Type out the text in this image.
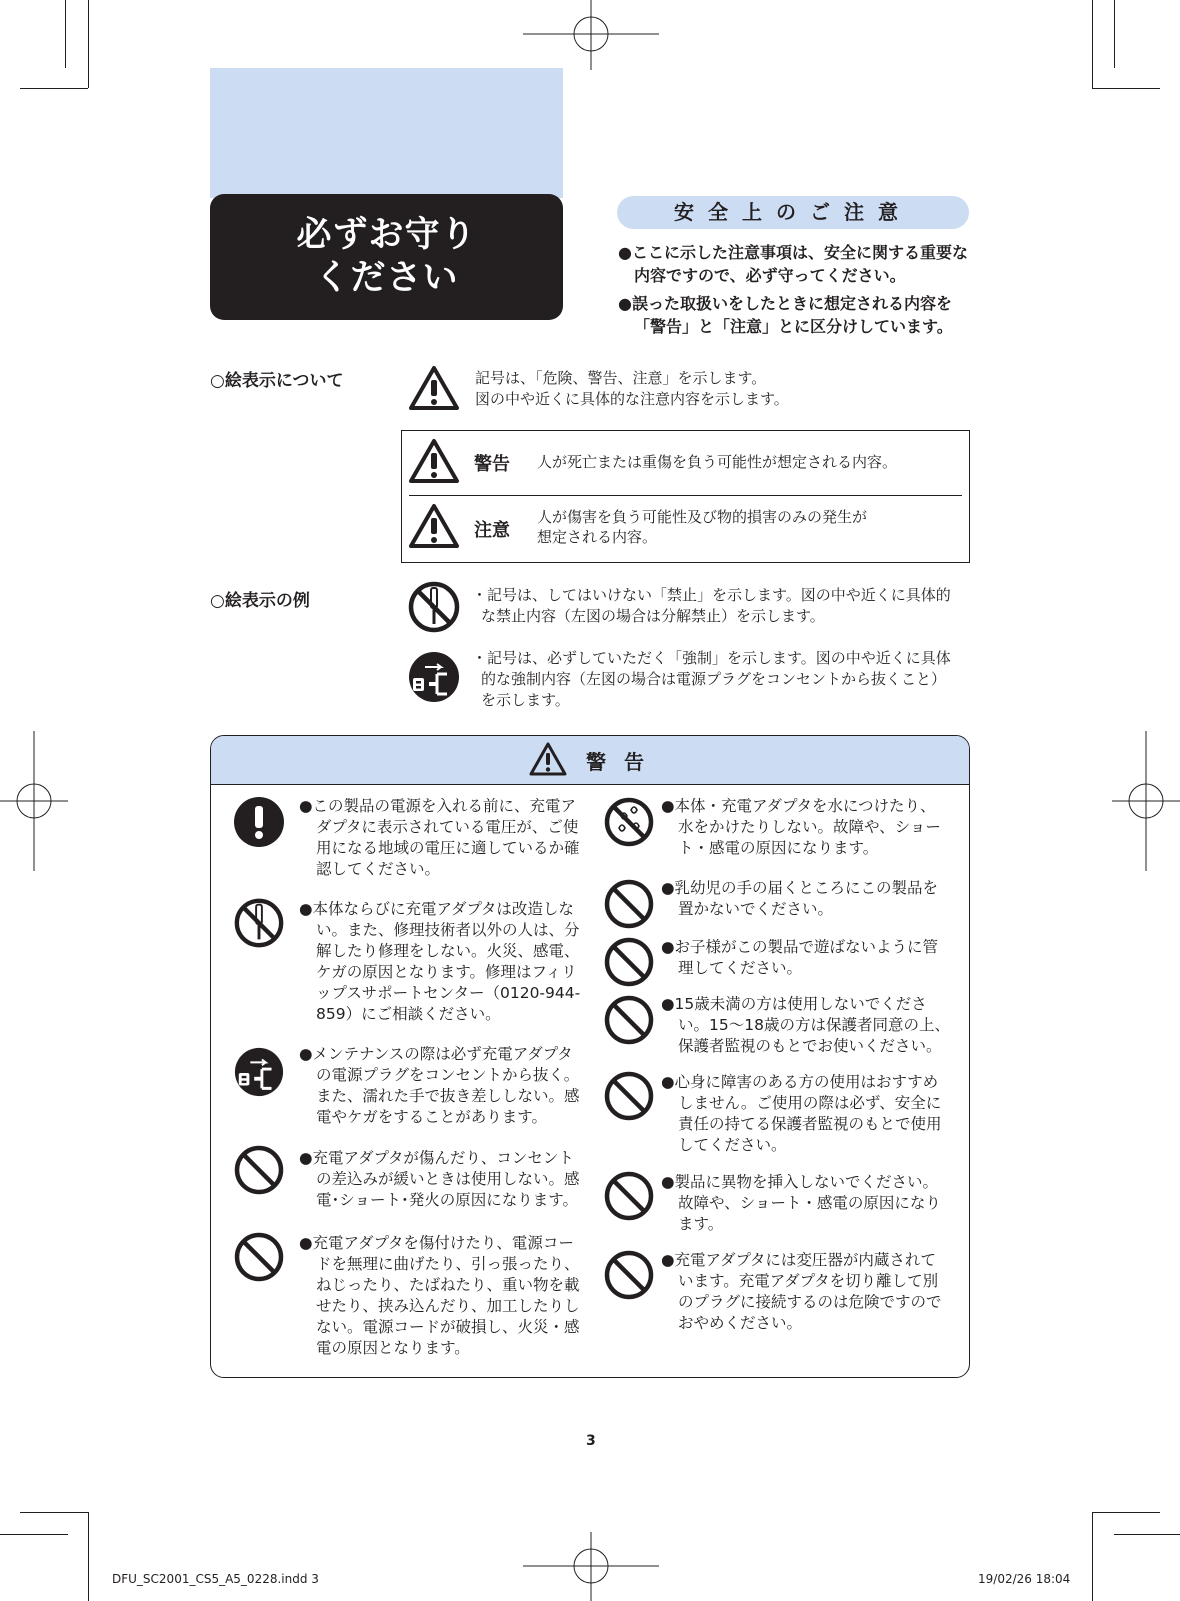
必ずお守り
ください
安全上のご注意

●ここに示した注意事項は、安全に関する重要な内容ですので、必ず守ってください。

●誤った取扱いをしたときに想定される内容を「警告」と「注意」とに区分けしています。

○絵表示について	記号は、「危険、警告、注意」を示します。
図の中や近くに具体的な注意内容を示します。
警告 人が死亡または重傷を負う可能性が想定される内容。
注意
人が傷害を負う可能性及び物的損害のみの発生が
想定される内容。
○絵表示の例	・記号は、してはいけない「禁止」を示します。図の中や近くに具体的
な禁止内容（左図の場合は分解禁止）を示します。
・記号は、必ずしていただく「強制」を示します。図の中や近くに具体
的な強制内容（左図の場合は電源プラグをコンセントから抜くこと）
を示します。
警告
●この製品の電源を入れる前に、充電アダプタに表示されている電圧が、ご使用になる地域の電圧に適しているか確認してください。
●本体ならびに充電アダプタは改造しない。また、修理技術者以外の人は、分解したり修理をしない。火災、感電、ケガの原因となります。修理はフィリップスサポートセンター（0120-944-859）にご相談ください。
●メンテナンスの際は必ず充電アダプタの電源プラグをコンセントから抜く。また、濡れた手で抜き差ししない。感電やケガをすることがあります。
●充電アダプタが傷んだり、コンセントの差込みが緩いときは使用しない。感電･ショート･発火の原因になります。
●充電アダプタを傷付けたり、電源コードを無理に曲げたり、引っ張ったり、ねじったり、たばねたり、重い物を載せたり、挟み込んだり、加工したりしない。電源コードが破損し、火災・感電の原因となります。
●本体・充電アダプタを水につけたり、水をかけたりしない。故障や、ショート・感電の原因になります。
●乳幼児の手の届くところにこの製品を置かないでください。
●お子様がこの製品で遊ばないように管理してください。
●15歳未満の方は使用しないでください。15～18歳の方は保護者同意の上、保護者監視のもとでお使いください。
●心身に障害のある方の使用はおすすめしません。ご使用の際は必ず、安全に責任の持てる保護者監視のもとで使用してください。
●製品に異物を挿入しないでください。故障や、ショート・感電の原因になります。
●充電アダプタには変圧器が内蔵されています。充電アダプタを切り離して別のプラグに接続するのは危険ですのでおやめください。
3
DFU_SC2001_CS5_A5_0228.indd 3	19/02/26 18:04
